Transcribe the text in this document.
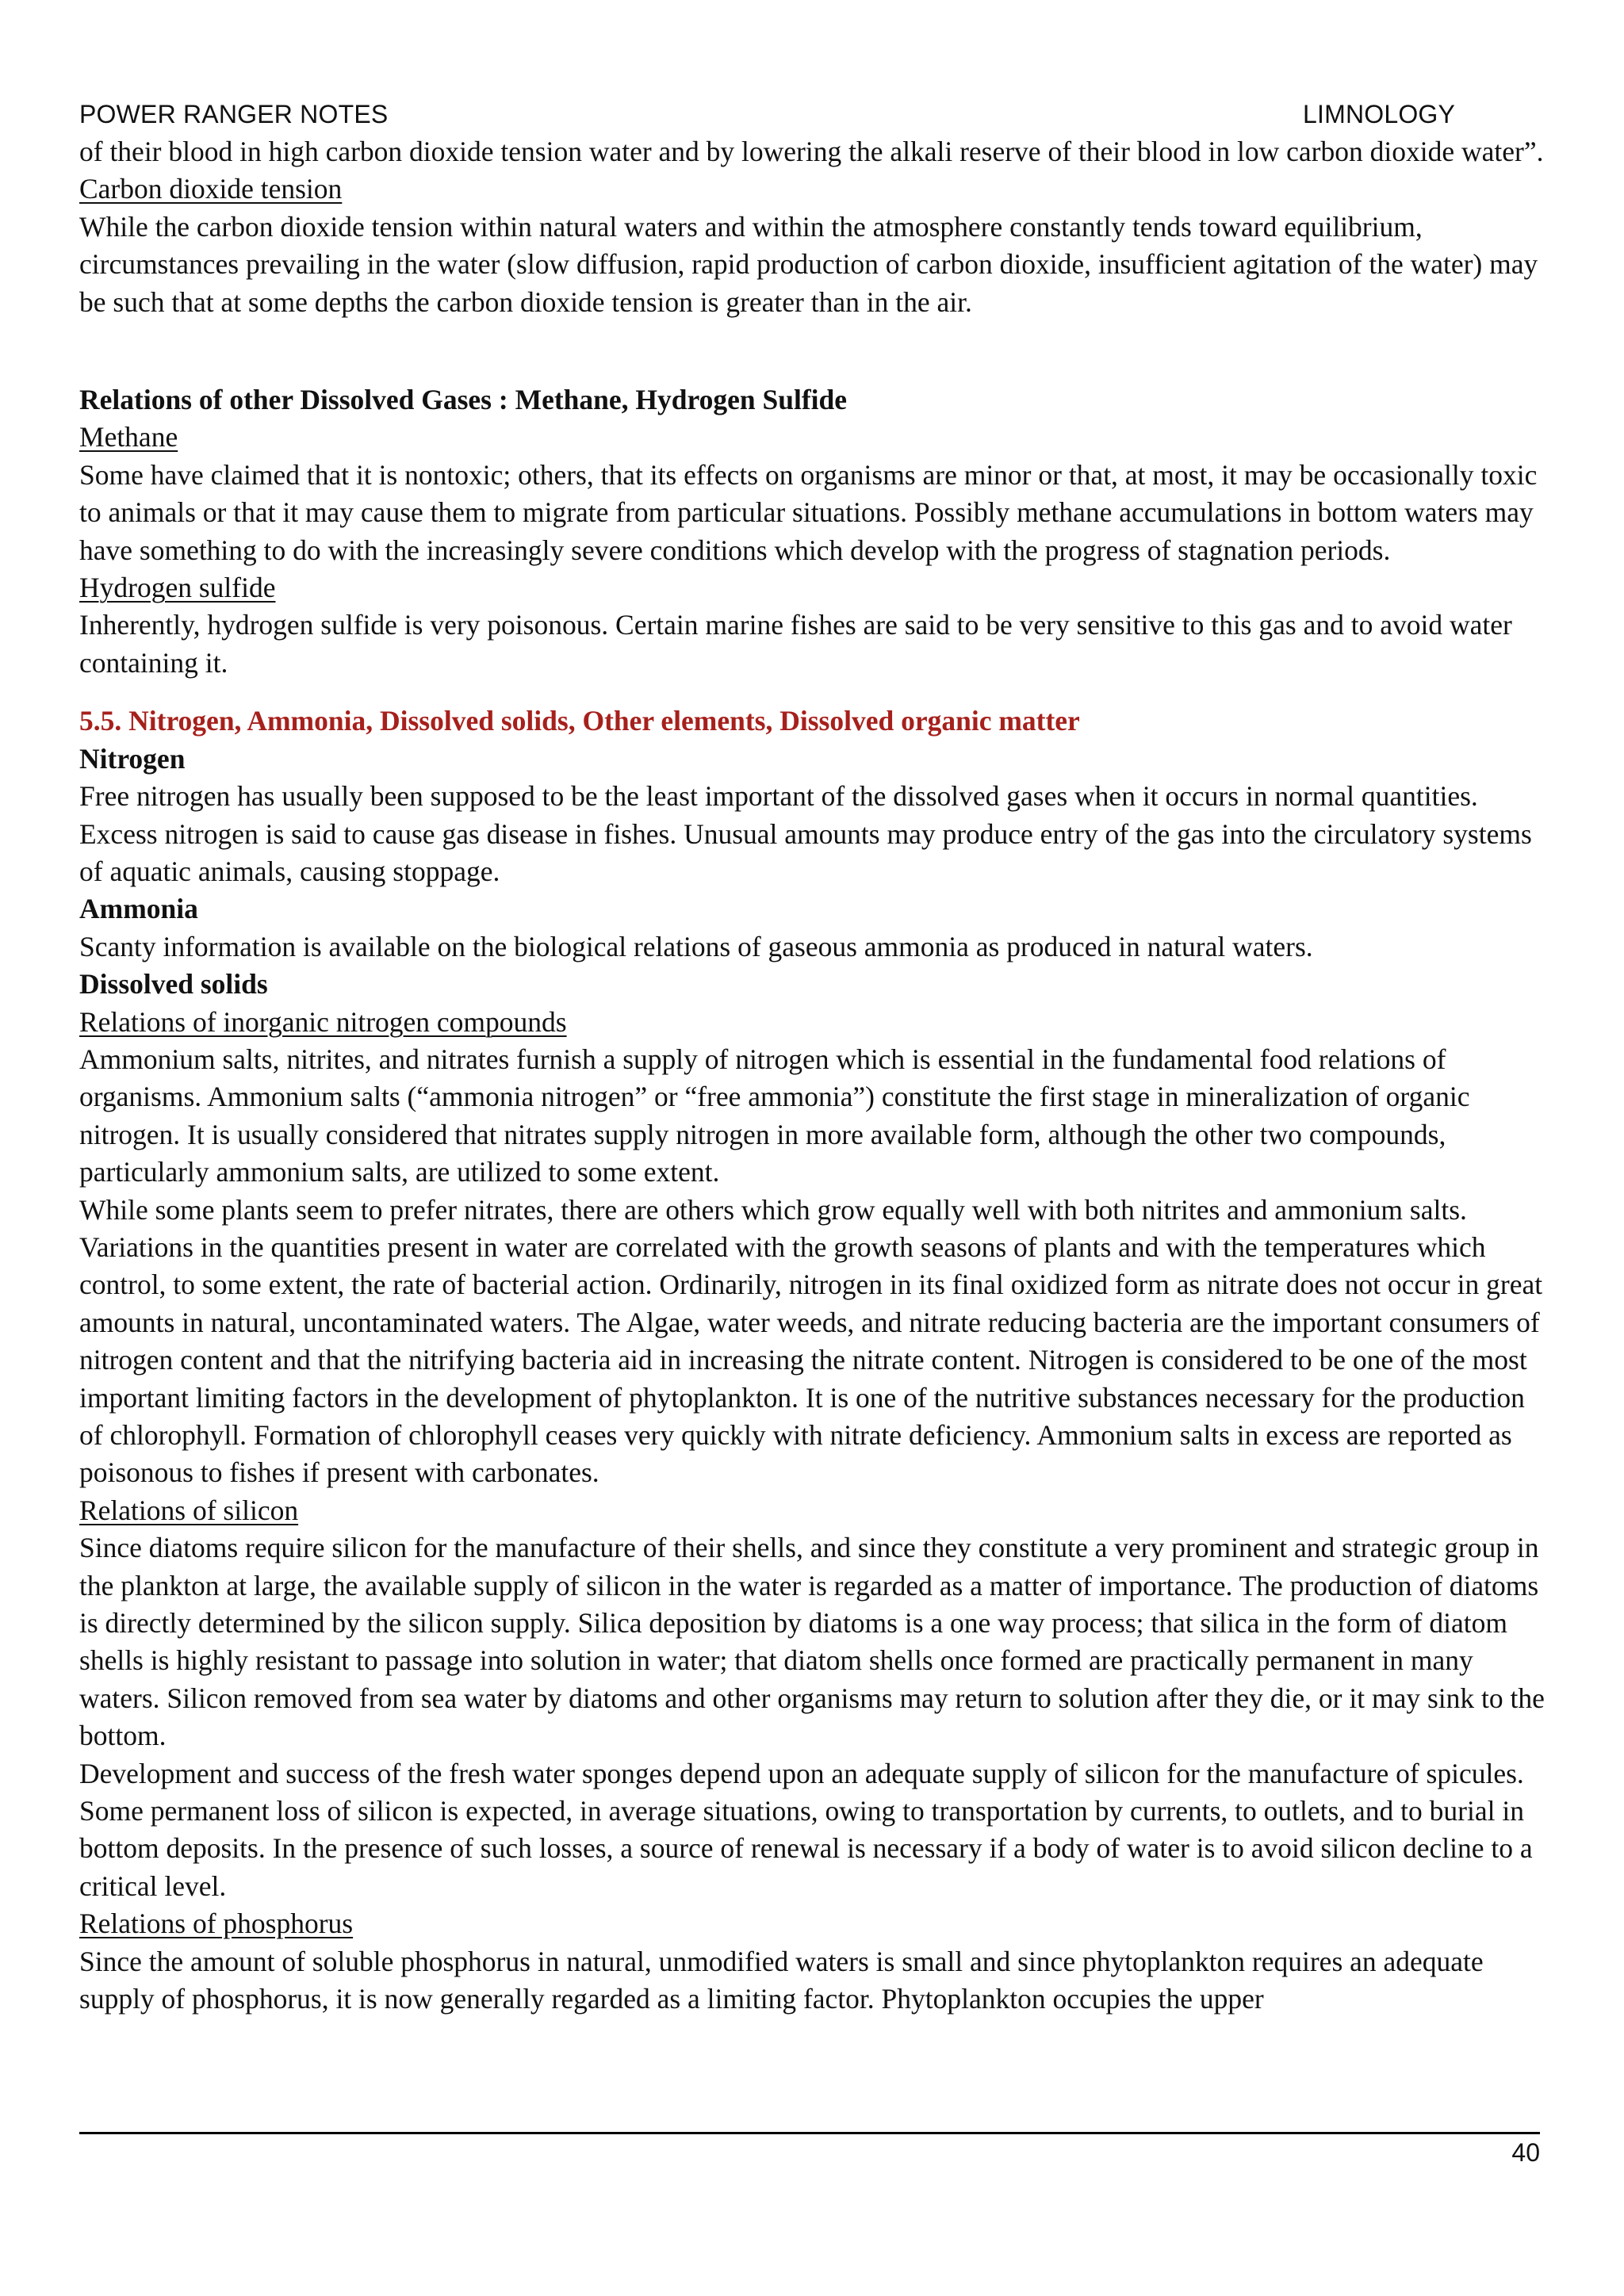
POWER RANGER NOTES	LIMNOLOGY

of their blood in high carbon dioxide tension water and by lowering the alkali reserve of their blood in low carbon dioxide water”.

Carbon dioxide tension

While the carbon dioxide tension within natural waters and within the atmosphere constantly tends toward equilibrium, circumstances prevailing in the water (slow diffusion, rapid production of carbon dioxide, insufficient agitation of the water) may be such that at some depths the carbon dioxide tension is greater than in the air.

Relations of other Dissolved Gases : Methane, Hydrogen Sulfide

Methane

Some have claimed that it is nontoxic; others, that its effects on organisms are minor or that, at most, it may be occasionally toxic to animals or that it may cause them to migrate from particular situations. Possibly methane accumulations in bottom waters may have something to do with the increasingly severe conditions which develop with the progress of stagnation periods.

Hydrogen sulfide

Inherently, hydrogen sulfide is very poisonous. Certain marine fishes are said to be very sensitive to this gas and to avoid water containing it.

5.5. Nitrogen, Ammonia, Dissolved solids, Other elements, Dissolved organic matter

Nitrogen

Free nitrogen has usually been supposed to be the least important of the dissolved gases when it occurs in normal quantities. Excess nitrogen is said to cause gas disease in fishes. Unusual amounts may produce entry of the gas into the circulatory systems of aquatic animals, causing stoppage.

Ammonia

Scanty information is available on the biological relations of gaseous ammonia as produced in natural waters.

Dissolved solids

Relations of inorganic nitrogen compounds

Ammonium salts, nitrites, and nitrates furnish a supply of nitrogen which is essential in the fundamental food relations of organisms. Ammonium salts (“ammonia nitrogen” or “free ammonia”) constitute the first stage in mineralization of organic nitrogen. It is usually considered that nitrates supply nitrogen in more available form, although the other two compounds, particularly ammonium salts, are utilized to some extent.

While some plants seem to prefer nitrates, there are others which grow equally well with both nitrites and ammonium salts. Variations in the quantities present in water are correlated with the growth seasons of plants and with the temperatures which control, to some extent, the rate of bacterial action. Ordinarily, nitrogen in its final oxidized form as nitrate does not occur in great amounts in natural, uncontaminated waters. The Algae, water weeds, and nitrate reducing bacteria are the important consumers of nitrogen content and that the nitrifying bacteria aid in increasing the nitrate content. Nitrogen is considered to be one of the most important limiting factors in the development of phytoplankton. It is one of the nutritive substances necessary for the production of chlorophyll. Formation of chlorophyll ceases very quickly with nitrate deficiency. Ammonium salts in excess are reported as poisonous to fishes if present with carbonates.

Relations of silicon

Since diatoms require silicon for the manufacture of their shells, and since they constitute a very prominent and strategic group in the plankton at large, the available supply of silicon in the water is regarded as a matter of importance. The production of diatoms is directly determined by the silicon supply. Silica deposition by diatoms is a one way process; that silica in the form of diatom shells is highly resistant to passage into solution in water; that diatom shells once formed are practically permanent in many waters. Silicon removed from sea water by diatoms and other organisms may return to solution after they die, or it may sink to the bottom.

Development and success of the fresh water sponges depend upon an adequate supply of silicon for the manufacture of spicules. Some permanent loss of silicon is expected, in average situations, owing to transportation by currents, to outlets, and to burial in bottom deposits. In the presence of such losses, a source of renewal is necessary if a body of water is to avoid silicon decline to a critical level.

Relations of phosphorus

Since the amount of soluble phosphorus in natural, unmodified waters is small and since phytoplankton requires an adequate supply of phosphorus, it is now generally regarded as a limiting factor. Phytoplankton occupies the upper

40
